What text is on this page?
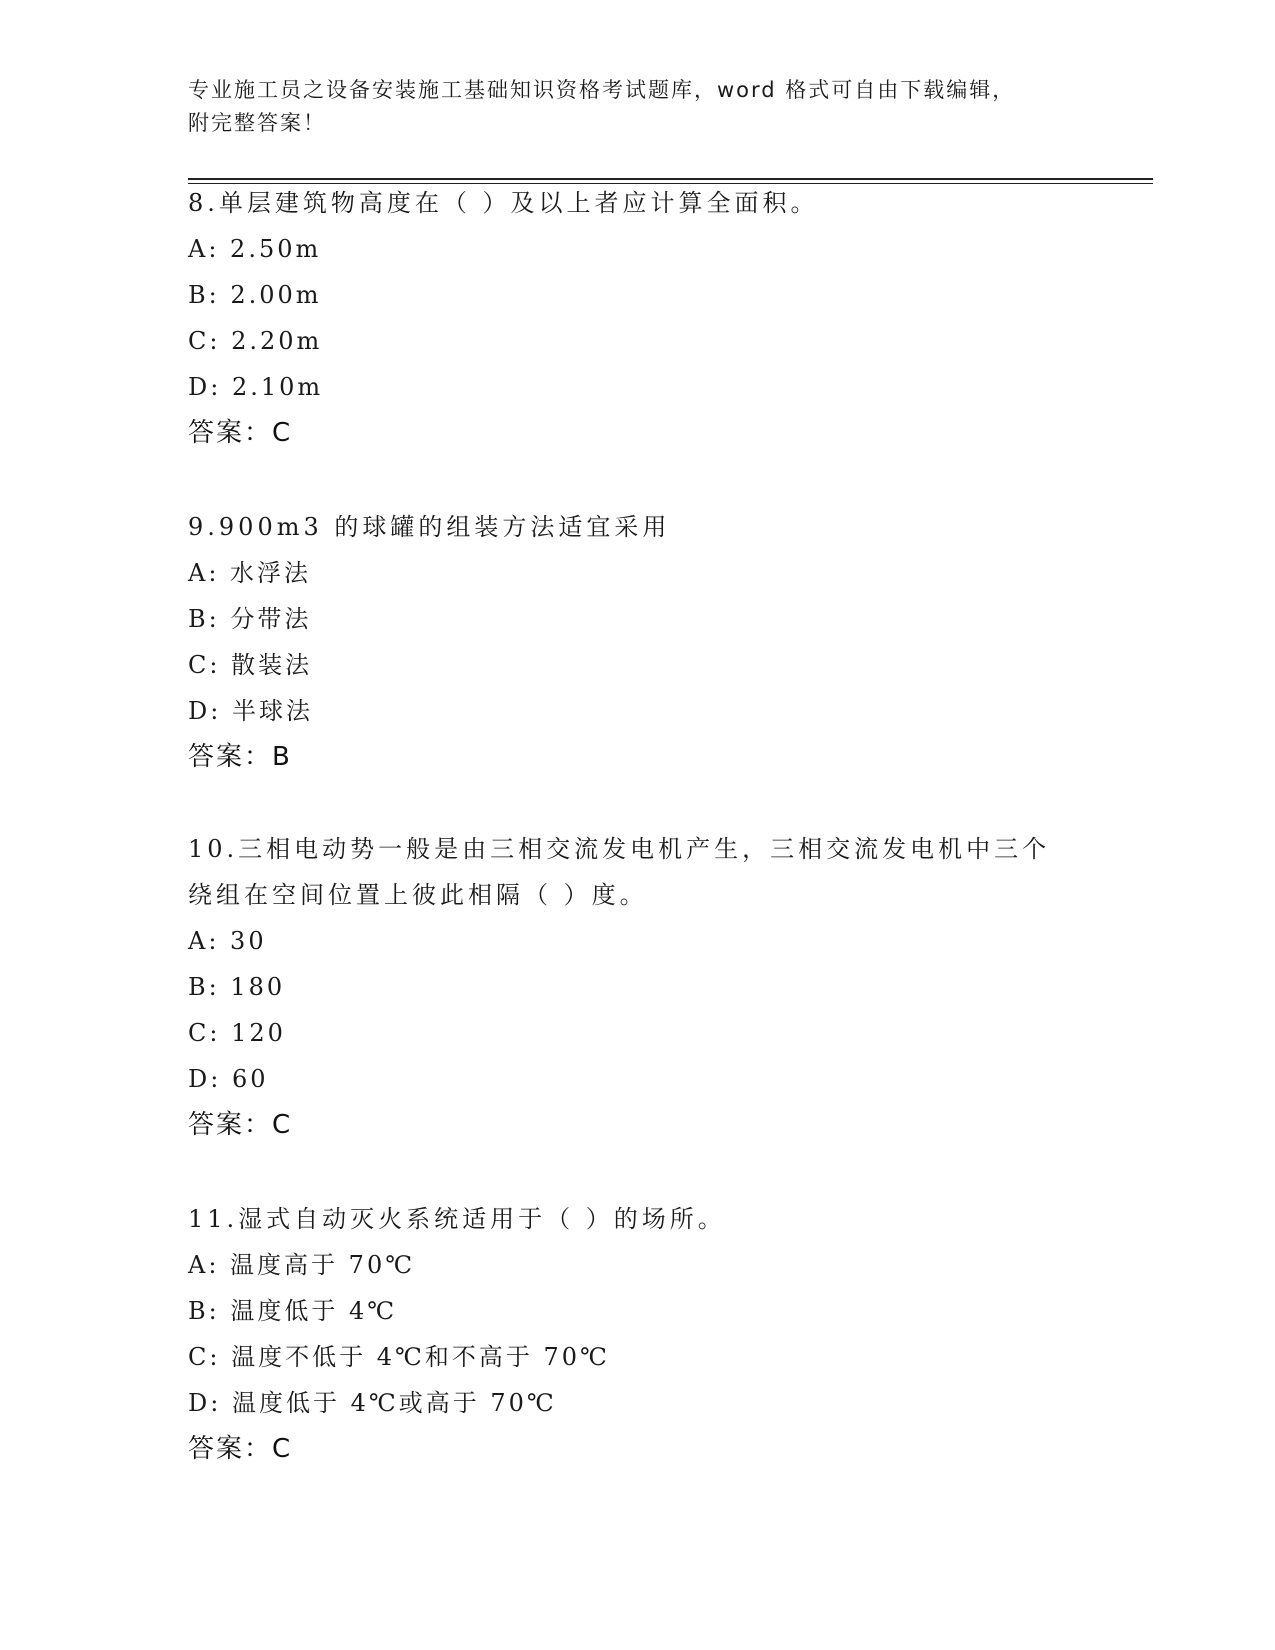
专业施工员之设备安装施工基础知识资格考试题库，word 格式可自由下载编辑，
附完整答案！

8.单层建筑物高度在（ ）及以上者应计算全面积。

A: 2.50m

B: 2.00m

C: 2.20m

D: 2.10m

答案：C

9.900m3 的球罐的组装方法适宜采用

A: 水浮法

B: 分带法

C: 散装法

D: 半球法

答案：B

10.三相电动势一般是由三相交流发电机产生，三相交流发电机中三个

绕组在空间位置上彼此相隔（ ）度。

A: 30

B: 180

C: 120

D: 60

答案：C

11.湿式自动灭火系统适用于（ ）的场所。

A: 温度高于 70℃

B: 温度低于 4℃

C: 温度不低于 4℃和不高于 70℃

D: 温度低于 4℃或高于 70℃

答案：C
